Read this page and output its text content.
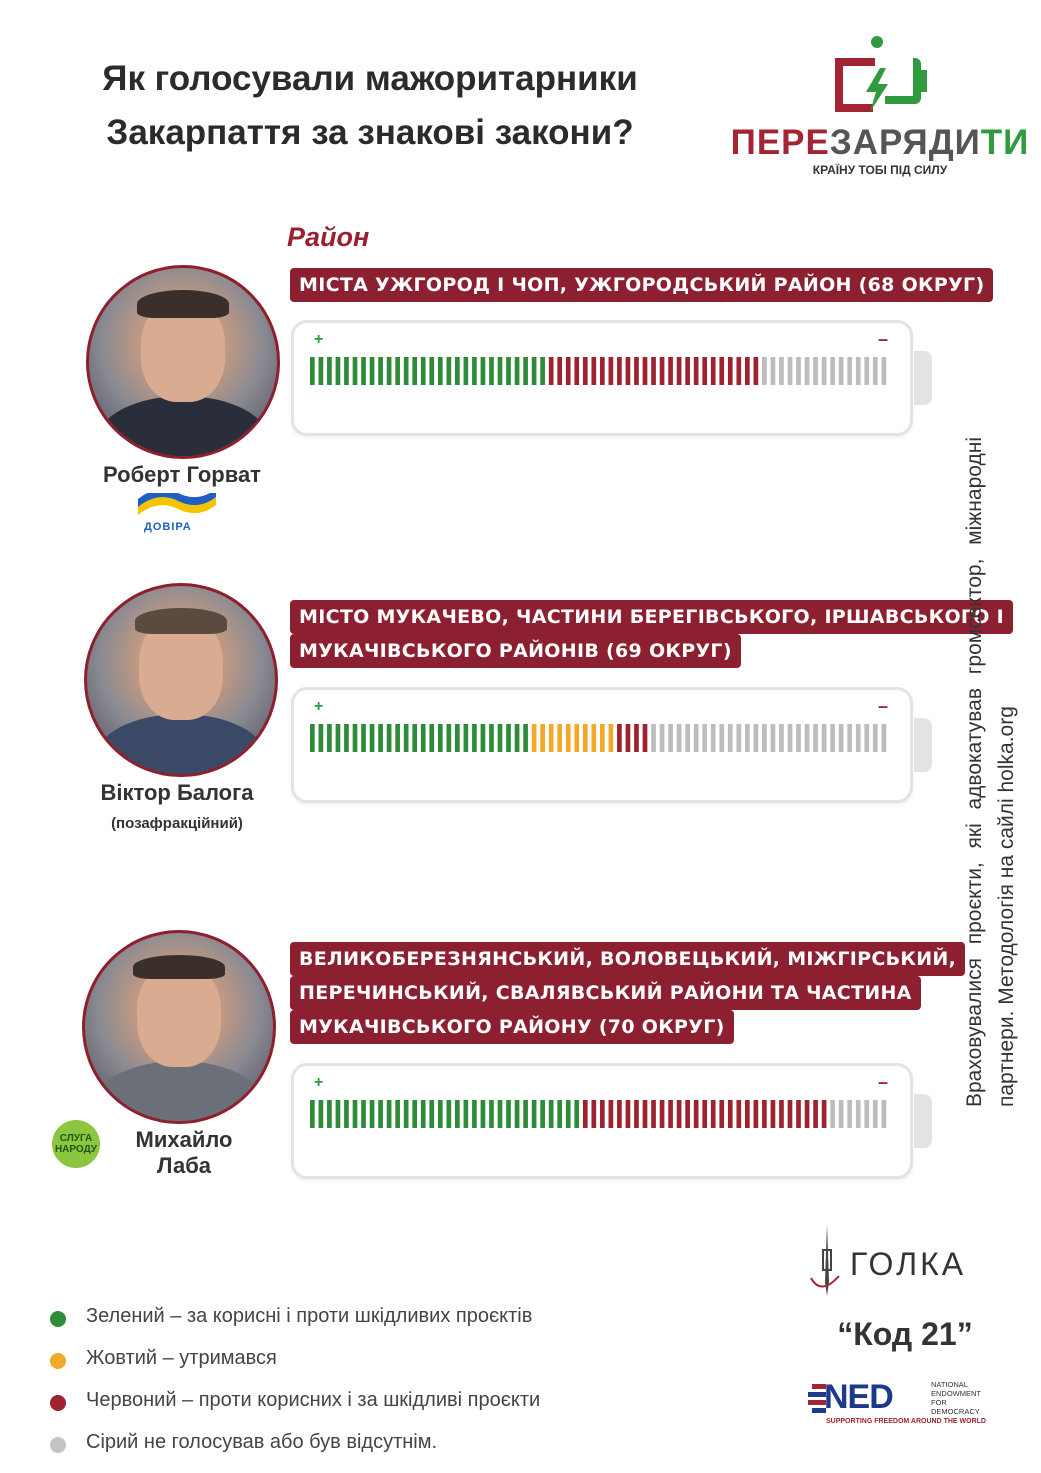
Як голосували мажоритарники
Закарпаття за знакові закони?	ПЕРЕЗАРЯДИТИ
КРАЇНУ ТОБІ ПІД СИЛУ
Район
Роберт Горват
ДОВІРА
МІСТА УЖГОРОД І ЧОП, УЖГОРОДСЬКИЙ РАЙОН (68 ОКРУГ)
+	–
Віктор Балога
(позафракційний)
МІСТО МУКАЧЕВО, ЧАСТИНИ БЕРЕГІВСЬКОГО, ІРШАВСЬКОГО І
МУКАЧІВСЬКОГО РАЙОНІВ (69 ОКРУГ)
+	–
СЛУГА НАРОДУ	Михайло
Лаба
ВЕЛИКОБЕРЕЗНЯНСЬКИЙ, ВОЛОВЕЦЬКИЙ, МІЖГІРСЬКИЙ,
ПЕРЕЧИНСЬКИЙ, СВАЛЯВСЬКИЙ РАЙОНИ ТА ЧАСТИНА
МУКАЧІВСЬКОГО РАЙОНУ (70 ОКРУГ)
+	–	Враховувалися проєкти, які адвокатував громсектор, міжнародні партнери. Методологія на сайлі holka.org
Зелений – за корисні і проти шкідливих проєктів
Жовтий – утримався
Червоний – проти корисних і за шкідливі проєкти
Сірий не голосував або був відсутнім.
ГОЛКА
“Код 21”
NED	NATIONAL
ENDOWMENT
FOR
DEMOCRACY
SUPPORTING FREEDOM AROUND THE WORLD
